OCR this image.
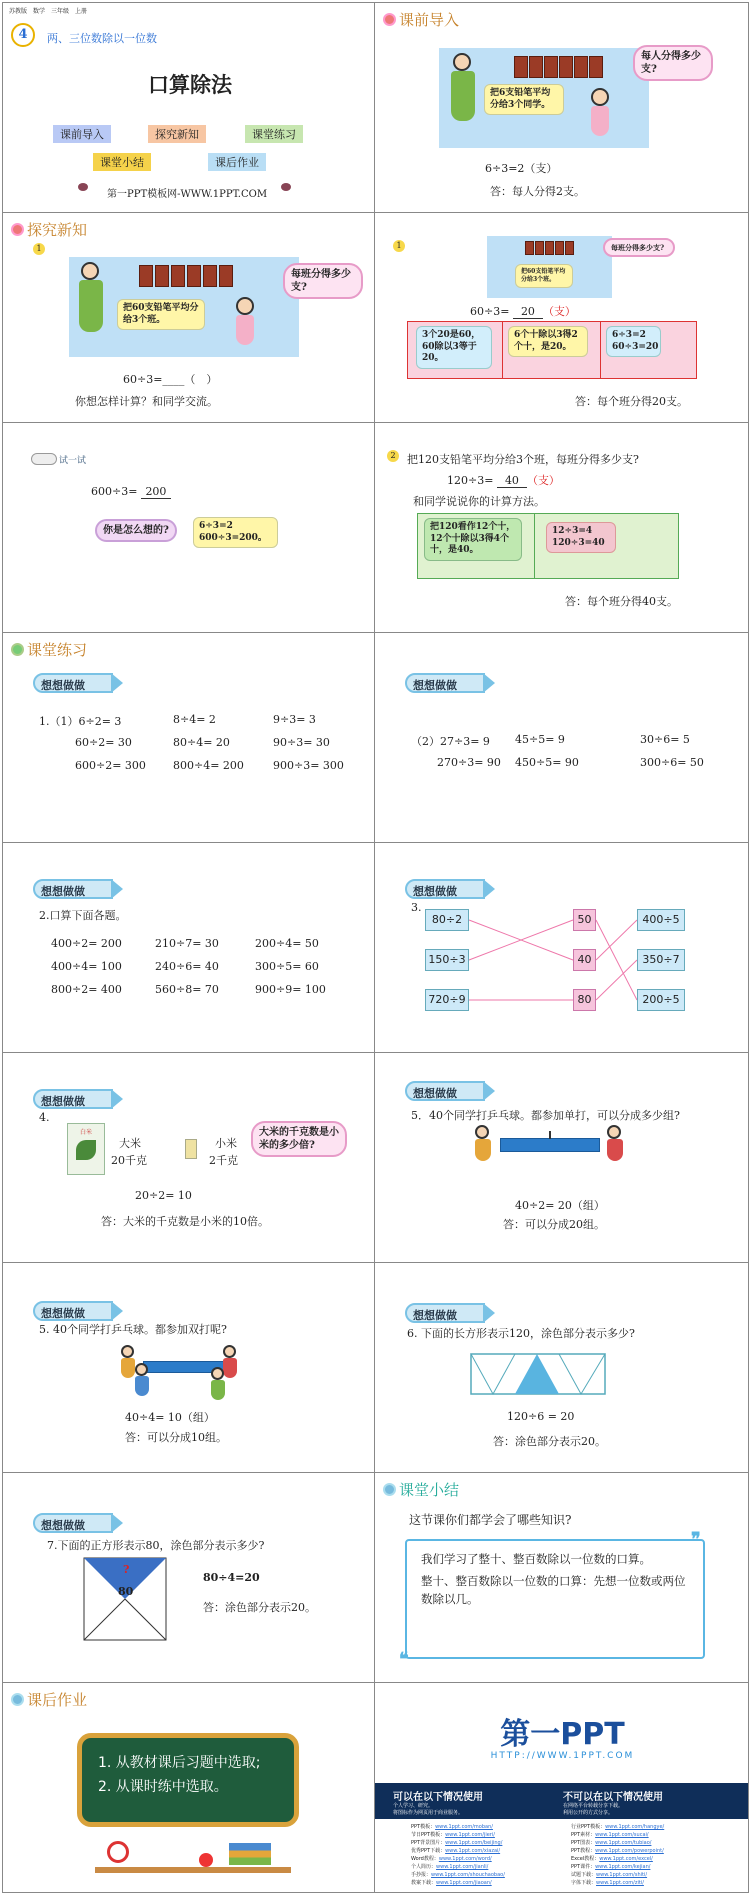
苏教版　数学　三年级　上册
4	两、三位数除以一位数
口算除法
课前导入	探究新知	课堂练习
课堂小结	课后作业
第一PPT模板网-WWW.1PPT.COM
课前导入
把6支铅笔平均分给3个同学。
每人分得多少支?
6÷3=2（支）
答：每人分得2支。
探究新知
1
把60支铅笔平均分给3个班。
每班分得多少支?
60÷3=____（　）
你想怎样计算？和同学交流。
1
把60支铅笔平均分给3个班。
每班分得多少支?
60÷3= 20 （支）
3个20是60，60除以3等于20。
6个十除以3得2个十，是20。
6÷3=2
60÷3=20
答：每个班分得20支。
试一试
600÷3= 200
你是怎么想的?	6÷3=2
600÷3=200。
2	把120支铅笔平均分给3个班，每班分得多少支?
120÷3= 40 （支）
和同学说说你的计算方法。
把120看作12个十，12个十除以3得4个十，是40。
12÷3=4
120÷3=40
答：每个班分得40支。
课堂练习
想想做做
1.（1）6÷2= 3	8÷4= 2	9÷3= 3
60÷2= 30	80÷4= 20	90÷3= 30
600÷2= 300 800÷4= 200	900÷3= 300
想想做做
（2）27÷3= 9 45÷5= 9	30÷6= 5
270÷3= 90 450÷5= 90	300÷6= 50
想想做做
2.口算下面各题。
400÷2= 200	210÷7= 30	200÷4= 50
400÷4= 100	240÷6= 40	300÷5= 60
800÷2= 400	560÷8= 70	900÷9= 100
想想做做
3.
80÷2
150÷3
720÷9
50
40
80
400÷5
350÷7
200÷5
想想做做
4.
白米
大米
20千克
小米
2千克
大米的千克数是小米的多少倍?
20÷2= 10
答：大米的千克数是小米的10倍。
想想做做
5．40个同学打乒乓球。都参加单打，可以分成多少组?
40÷2= 20（组）
答：可以分成20组。
想想做做
5. 40个同学打乒乓球。都参加双打呢?
40÷4= 10（组）
答：可以分成10组。
想想做做
6. 下面的长方形表示120，涂色部分表示多少?
120÷6 = 20
答：涂色部分表示20。
想想做做
7.下面的正方形表示80，涂色部分表示多少?
?
80
80÷4=20
答：涂色部分表示20。
课堂小结
这节课你们都学会了哪些知识?
我们学习了整十、整百数除以一位数的口算。
整十、整百数除以一位数的口算：先想一位数或两位数除以几。
❞
❝
课后作业
1. 从教材课后习题中选取;
2. 从课时练中选取。
第一PPT
HTTP://WWW.1PPT.COM
可以在以下情况使用	不可以在以下情况使用
个人学习、研究。
将图标作为网页用于商业服务。
在网络平台转载分享下载。
利用公开的方式分享。
PPT模板：www.1ppt.com/moban/
节日PPT模板：www.1ppt.com/jieri/
PPT背景图片：www.1ppt.com/beijing/
优秀PPT下载：www.1ppt.com/xiazai/
Word教程：www.1ppt.com/word/
个人简历：www.1ppt.com/jianli/
手抄报：www.1ppt.com/shouchaobao/
教案下载：www.1ppt.com/jiaoan/
行业PPT模板：www.1ppt.com/hangye/
PPT素材：www.1ppt.com/sucai/
PPT图表：www.1ppt.com/tubiao/
PPT教程：www.1ppt.com/powerpoint/
Excel教程：www.1ppt.com/excel/
PPT课件：www.1ppt.com/kejian/
试题下载：www.1ppt.com/shiti/
字体下载：www.1ppt.com/ziti/
